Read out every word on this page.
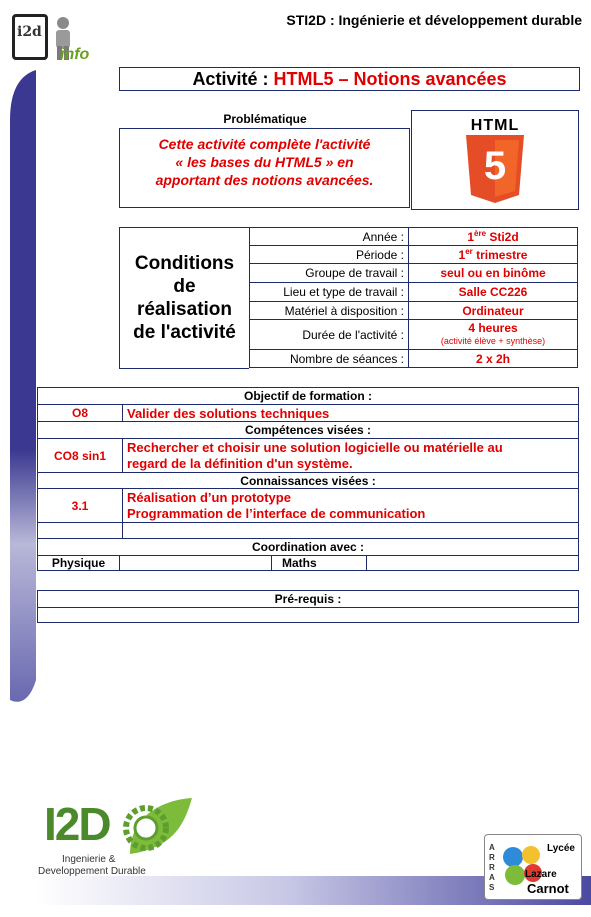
i2d
info
STI2D : Ingénierie et développement durable
Activité : HTML5 – Notions avancées
Problématique
Cette activité complète l'activité
« les bases du HTML5 » en
apportant des notions avancées.
HTML
5
Conditions
de
réalisation
de l'activité
Année :	1ère Sti2d
Période :	1er trimestre
Groupe de travail :	seul ou en binôme
Lieu et type de travail :	Salle CC226
Matériel à disposition :	Ordinateur
Durée de l'activité :	4 heures
(activité élève + synthèse)

Nombre de séances :	2 x 2h
Objectif de formation :	
O8	Valider des solutions techniques
Compétences visées :	
CO8 sin1	Rechercher et choisir une solution logicielle ou matérielle au
regard de la définition d'un système.

Connaissances visées :	
3.1	Réalisation d’un prototype
Programmation de l’interface de communication

Coordination avec :
Physique		Maths	
Pré-requis :

I2D
Ingenierie &
Developpement Durable
ARRAS
Lycée
Lazare
Carnot
